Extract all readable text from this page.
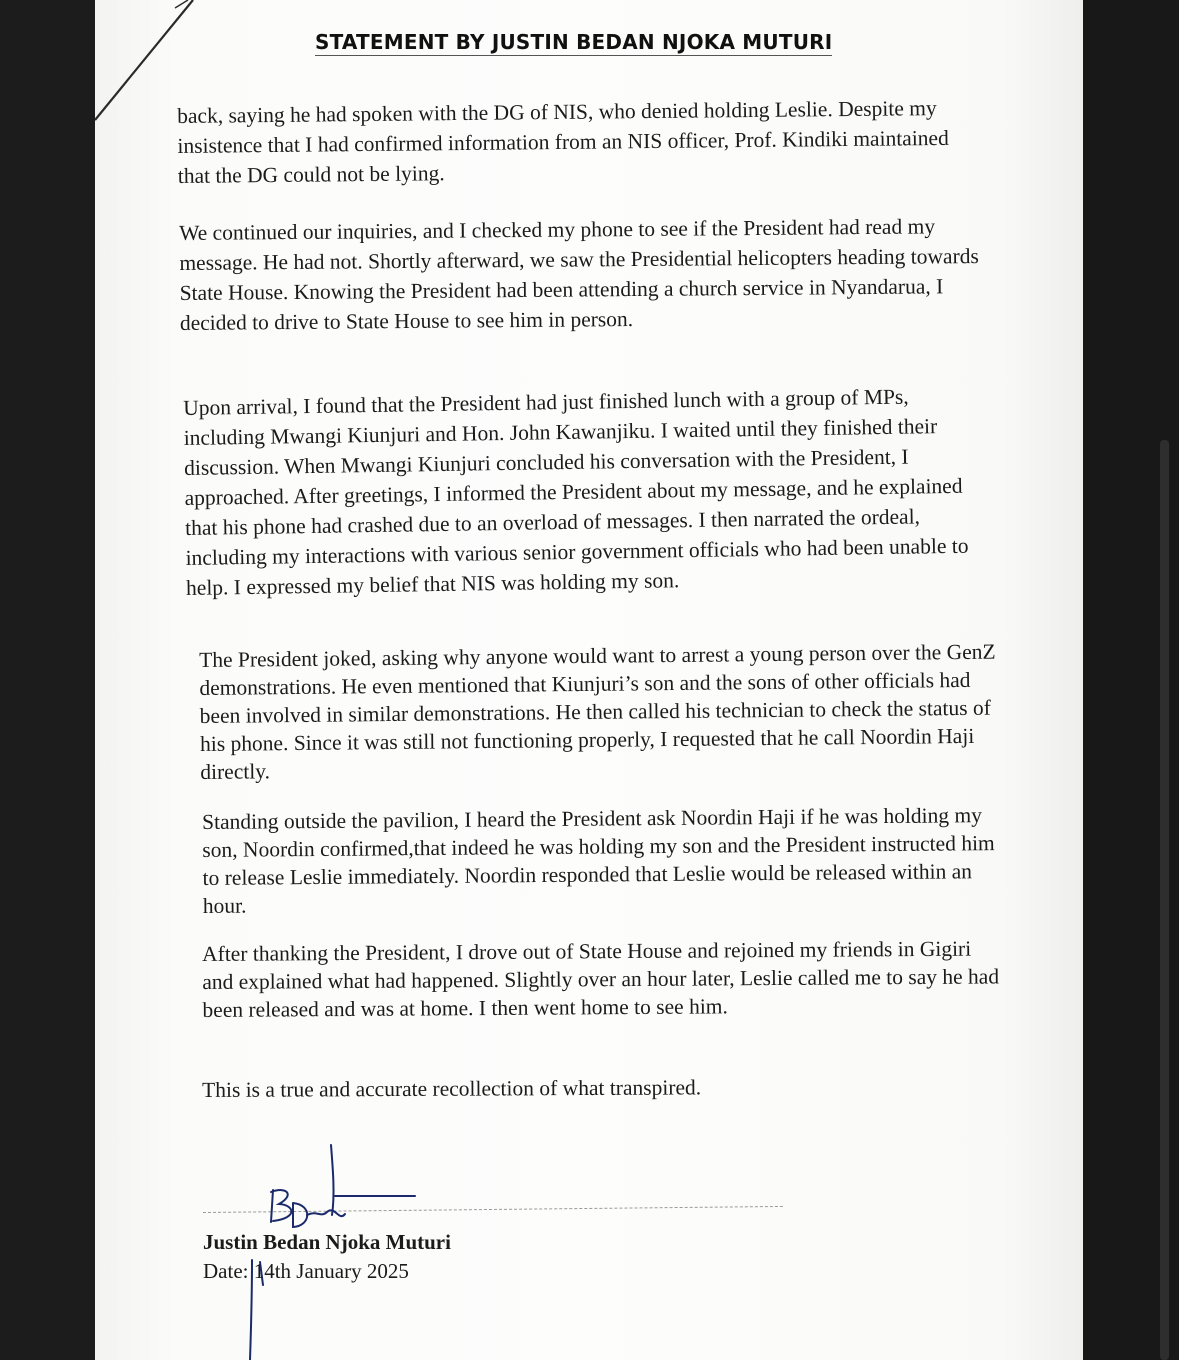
STATEMENT BY JUSTIN BEDAN NJOKA MUTURI

back, saying he had spoken with the DG of NIS, who denied holding Leslie. Despite my insistence that I had confirmed information from an NIS officer, Prof. Kindiki maintained that the DG could not be lying.

We continued our inquiries, and I checked my phone to see if the President had read my message. He had not. Shortly afterward, we saw the Presidential helicopters heading towards State House. Knowing the President had been attending a church service in Nyandarua, I decided to drive to State House to see him in person.

Upon arrival, I found that the President had just finished lunch with a group of MPs, including Mwangi Kiunjuri and Hon. John Kawanjiku. I waited until they finished their discussion. When Mwangi Kiunjuri concluded his conversation with the President, I approached. After greetings, I informed the President about my message, and he explained that his phone had crashed due to an overload of messages. I then narrated the ordeal, including my interactions with various senior government officials who had been unable to help. I expressed my belief that NIS was holding my son.

The President joked, asking why anyone would want to arrest a young person over the GenZ demonstrations. He even mentioned that Kiunjuri’s son and the sons of other officials had been involved in similar demonstrations. He then called his technician to check the status of his phone. Since it was still not functioning properly, I requested that he call Noordin Haji directly.

Standing outside the pavilion, I heard the President ask Noordin Haji if he was holding my son, Noordin confirmed,that indeed he was holding my son and the President instructed him to release Leslie immediately. Noordin responded that Leslie would be released within an hour.

After thanking the President, I drove out of State House and rejoined my friends in Gigiri and explained what had happened. Slightly over an hour later, Leslie called me to say he had been released and was at home. I then went home to see him.

This is a true and accurate recollection of what transpired.

Justin Bedan Njoka Muturi
Date: 14th January 2025
